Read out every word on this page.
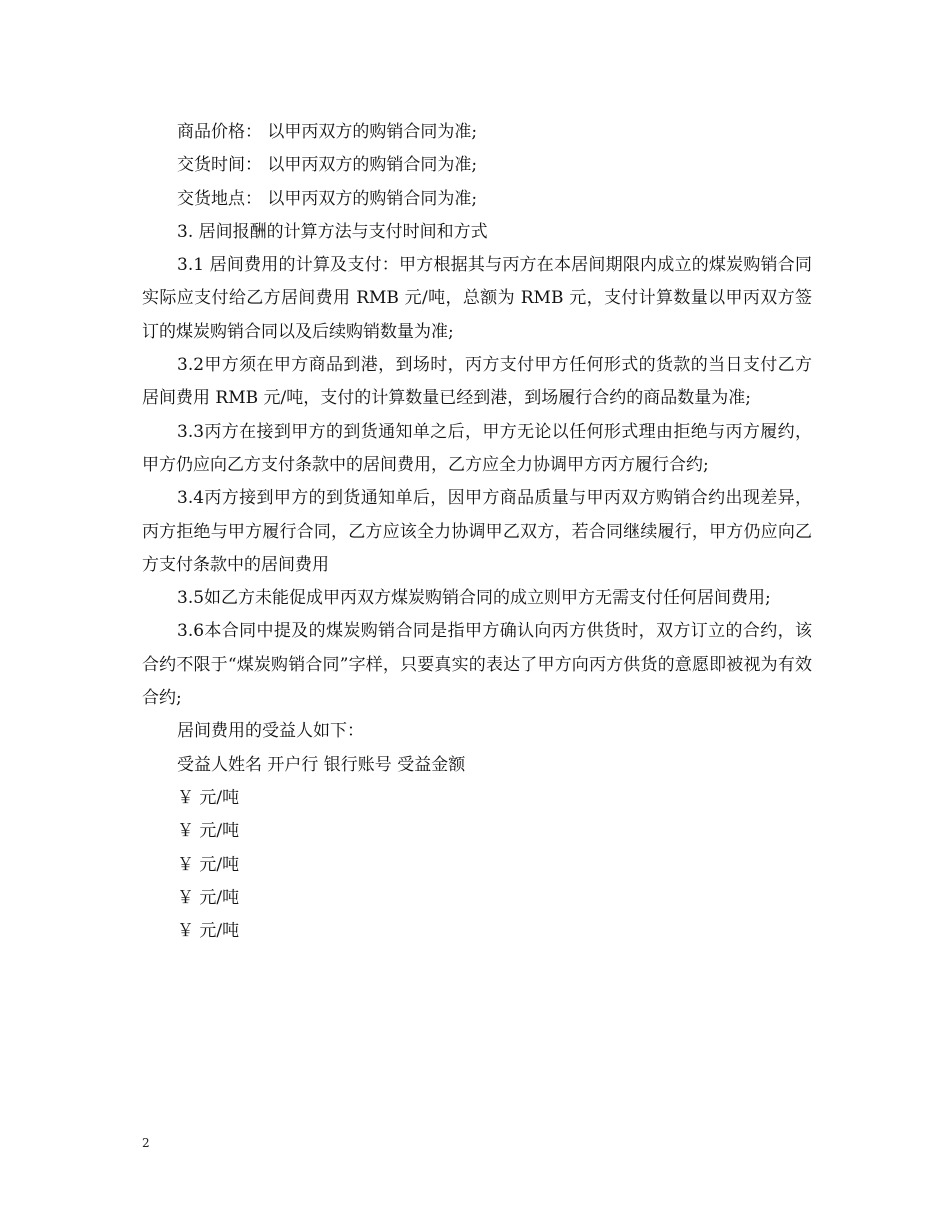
商品价格： 以甲丙双方的购销合同为准;

交货时间： 以甲丙双方的购销合同为准;

交货地点： 以甲丙双方的购销合同为准;

3. 居间报酬的计算方法与支付时间和方式

3.1 居间费用的计算及支付：甲方根据其与丙方在本居间期限内成立的煤炭购销合同实际应支付给乙方居间费用 RMB 元/吨，总额为 RMB 元，支付计算数量以甲丙双方签订的煤炭购销合同以及后续购销数量为准;

3.2甲方须在甲方商品到港，到场时，丙方支付甲方任何形式的货款的当日支付乙方居间费用 RMB 元/吨，支付的计算数量已经到港，到场履行合约的商品数量为准;

3.3丙方在接到甲方的到货通知单之后，甲方无论以任何形式理由拒绝与丙方履约， 甲方仍应向乙方支付条款中的居间费用，乙方应全力协调甲方丙方履行合约;

3.4丙方接到甲方的到货通知单后，因甲方商品质量与甲丙双方购销合约出现差异，丙方拒绝与甲方履行合同，乙方应该全力协调甲乙双方，若合同继续履行，甲方仍应向乙方支付条款中的居间费用

3.5如乙方未能促成甲丙双方煤炭购销合同的成立则甲方无需支付任何居间费用;

3.6本合同中提及的煤炭购销合同是指甲方确认向丙方供货时，双方订立的合约，该合约不限于“煤炭购销合同”字样，只要真实的表达了甲方向丙方供货的意愿即被视为有效合约;

居间费用的受益人如下：

受益人姓名 开户行 银行账号 受益金额

￥ 元/吨

￥ 元/吨

￥ 元/吨

￥ 元/吨

￥ 元/吨

2
